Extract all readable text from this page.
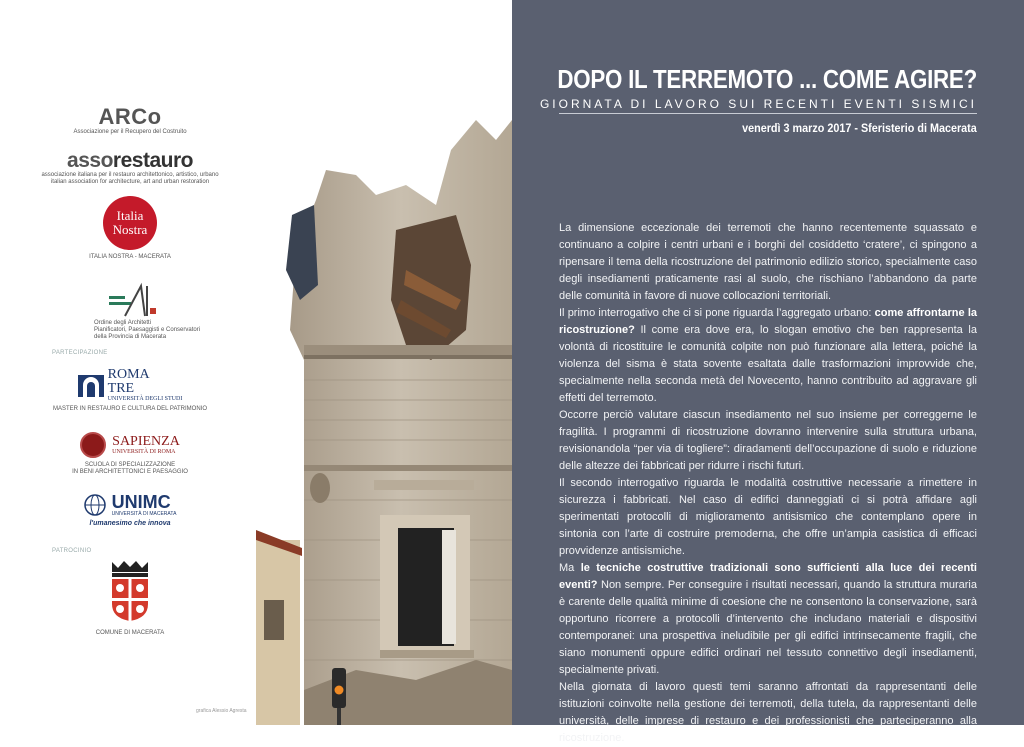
ARCo
Associazione per il Recupero del Costruito
assorestauro
associazione italiana per il restauro architettonico, artistico, urbano
italian association for architecture, art and urban restoration
Italia
Nostra
ITALIA NOSTRA - MACERATA
Ordine degli Architetti
Pianificatori, Paesaggisti e Conservatori
della Provincia di Macerata
PARTECIPAZIONE
ROMA
TRE
UNIVERSITÀ DEGLI STUDI
MASTER IN RESTAURO E CULTURA DEL PATRIMONIO
SAPIENZA
UNIVERSITÀ DI ROMA
SCUOLA DI SPECIALIZZAZIONE
IN BENI ARCHITETTONICI E PAESAGGIO
UNIMC
UNIVERSITÀ DI MACERATA
l'umanesimo che innova
PATROCINIO
COMUNE DI MACERATA
grafica Alessio Agresta
DOPO IL TERREMOTO ... COME AGIRE?
GIORNATA DI LAVORO SUI RECENTI EVENTI SISMICI
venerdì 3 marzo 2017 - Sferisterio di Macerata

La dimensione eccezionale dei terremoti che hanno recentemente squassato e continuano a colpire i centri urbani e i borghi del cosiddetto ‘cratere’, ci spingono a ripensare il tema della ricostruzione del patrimonio edilizio storico, specialmente caso degli insediamenti praticamente rasi al suolo, che rischiano l’abbandono da parte delle comunità in favore di nuove collocazioni territoriali.

Il primo interrogativo che ci si pone riguarda l’aggregato urbano: come affrontarne la ricostruzione? Il come era dove era, lo slogan emotivo che ben rappresenta la volontà di ricostituire le comunità colpite non può funzionare alla lettera, poiché la violenza del sisma è stata sovente esaltata dalle trasformazioni improvvide che, specialmente nella seconda metà del Novecento, hanno contribuito ad aggravare gli effetti del terremoto.

Occorre perciò valutare ciascun insediamento nel suo insieme per correggerne le fragilità. I programmi di ricostruzione dovranno intervenire sulla struttura urbana, revisionandola “per via di togliere”: diradamenti dell’occupazione di suolo e riduzione delle altezze dei fabbricati per ridurre i rischi futuri.

Il secondo interrogativo riguarda le modalità costruttive necessarie a rimettere in sicurezza i fabbricati. Nel caso di edifici danneggiati ci si potrà affidare agli sperimentati protocolli di miglioramento antisismico che contemplano opere in sintonia con l’arte di costruire premoderna, che offre un’ampia casistica di efficaci provvidenze antisismiche.

Ma le tecniche costruttive tradizionali sono sufficienti alla luce dei recenti eventi? Non sempre. Per conseguire i risultati necessari, quando la struttura muraria è carente delle qualità minime di coesione che ne consentono la conservazione, sarà opportuno ricorrere a protocolli d’intervento che includano materiali e dispositivi contemporanei: una prospettiva ineludibile per gli edifici intrinsecamente fragili, che siano monumenti oppure edifici ordinari nel tessuto connettivo degli insediamenti, specialmente privati.

Nella giornata di lavoro questi temi saranno affrontati da rappresentanti delle istituzioni coinvolte nella gestione dei terremoti, della tutela, da rappresentanti delle università, delle imprese di restauro e dei professionisti che parteciperanno alla ricostruzione.
